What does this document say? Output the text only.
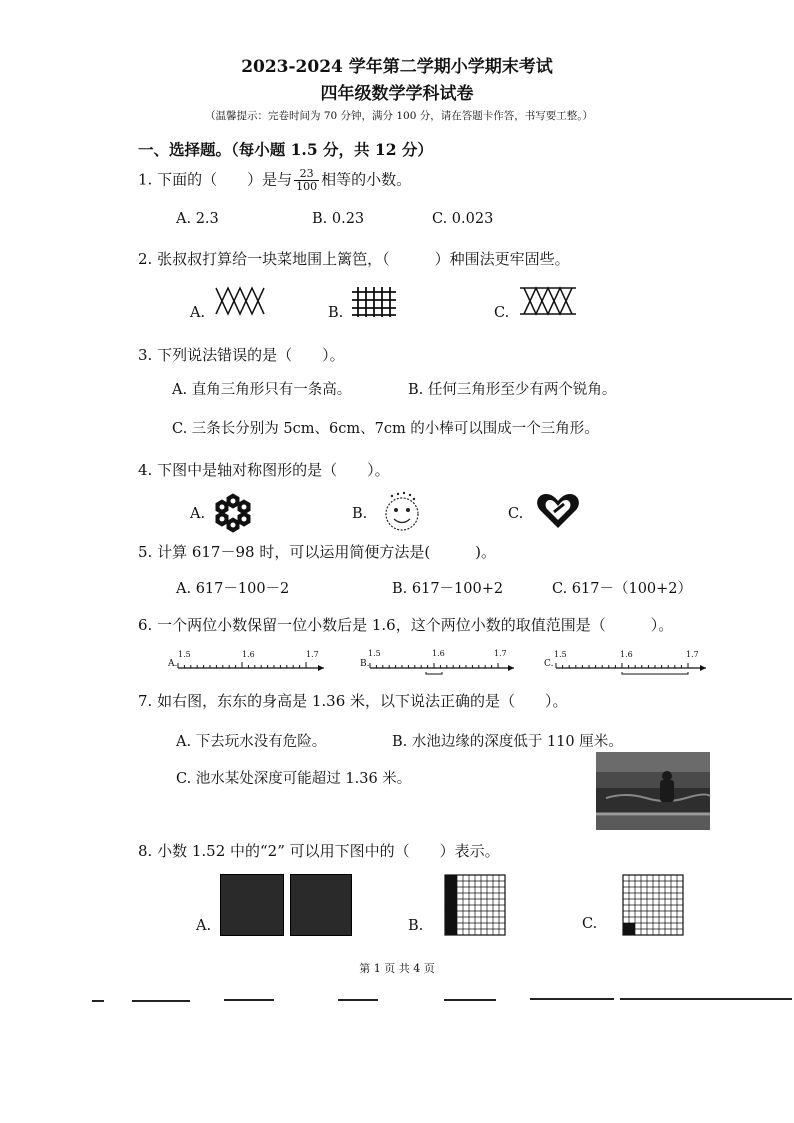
2023-2024 学年第二学期小学期末考试
四年级数学学科试卷
（温馨提示：完卷时间为 70 分钟，满分 100 分，请在答题卡作答，书写要工整。）
一、选择题。（每小题 1.5 分，共 12 分）
1. 下面的（　　）是与 $\frac{23}{100}$ 相等的小数。
A. 2.3	B. 0.23	C. 0.023
2. 张叔叔打算给一块菜地围上篱笆，（　　　）种围法更牢固些。
A.	B.	C.
3. 下列说法错误的是（　　）。
A. 直角三角形只有一条高。	B. 任何三角形至少有两个锐角。
C. 三条长分别为 5cm、6cm、7cm 的小棒可以围成一个三角形。
4. 下图中是轴对称图形的是（　　）。
A.	B.	C.
5. 计算 617－98 时，可以运用简便方法是(　　　)。
A. 617－100－2	B. 617－100+2	C. 617－（100+2）
6. 一个两位小数保留一位小数后是 1.6，这个两位小数的取值范围是（　　　）。
A.
1.5	1.6	1.7
B.
1.5	1.6	1.7
C.
1.5	1.6	1.7
7. 如右图，东东的身高是 1.36 米，以下说法正确的是（　　）。
A. 下去玩水没有危险。	B. 水池边缘的深度低于 110 厘米。
C. 池水某处深度可能超过 1.36 米。
8. 小数 1.52 中的“2” 可以用下图中的（　　）表示。
A.	B.	C.
第 1 页 共 4 页
